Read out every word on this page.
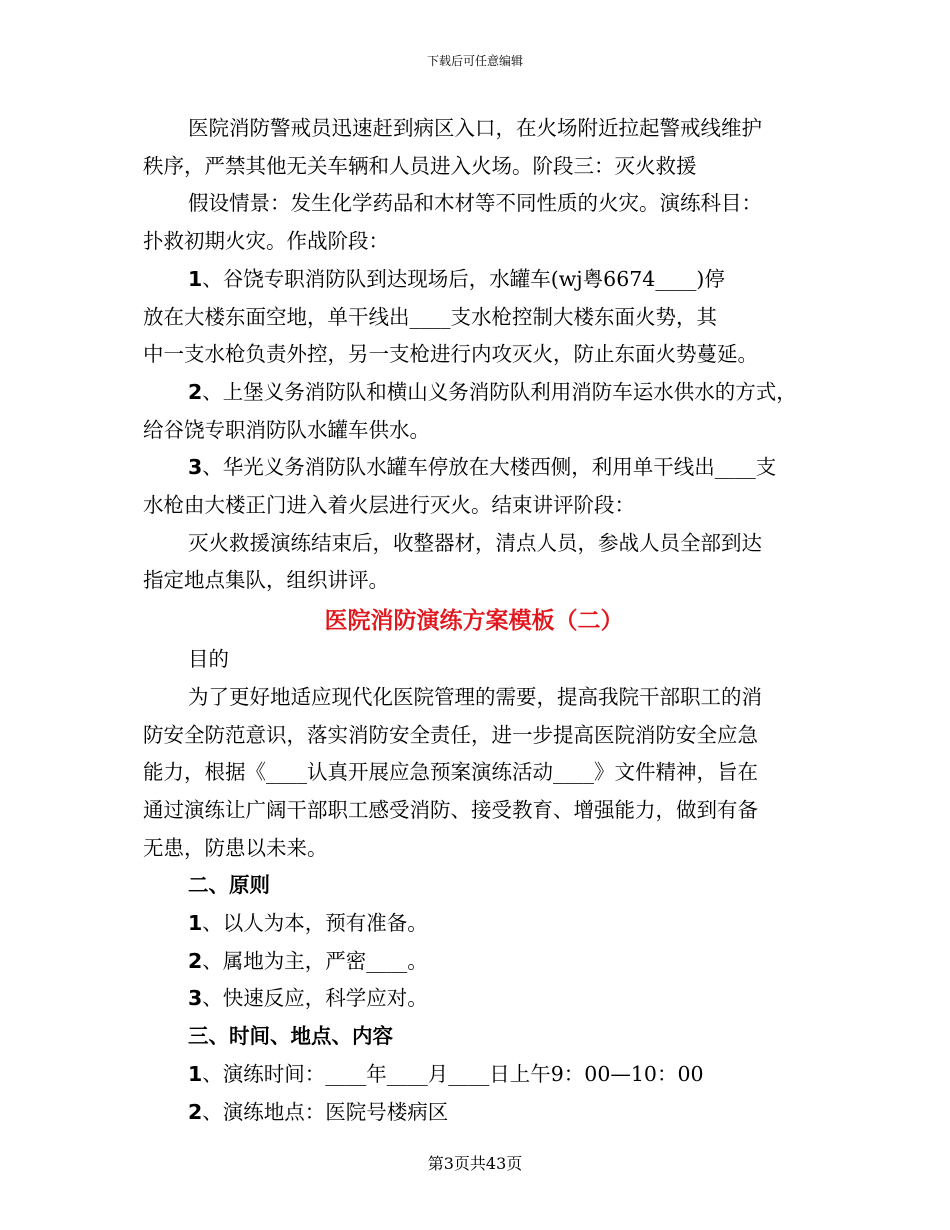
下载后可任意编辑
医院消防警戒员迅速赶到病区入口，在火场附近拉起警戒线维护
秩序，严禁其他无关车辆和人员进入火场。阶段三：灭火救援
假设情景：发生化学药品和木材等不同性质的火灾。演练科目：
扑救初期火灾。作战阶段：
1、谷饶专职消防队到达现场后，水罐车(wj粤6674____)停
放在大楼东面空地，单干线出____支水枪控制大楼东面火势，其
中一支水枪负责外控，另一支枪进行内攻灭火，防止东面火势蔓延。
2、上堡义务消防队和横山义务消防队利用消防车运水供水的方式，
给谷饶专职消防队水罐车供水。
3、华光义务消防队水罐车停放在大楼西侧，利用单干线出____支
水枪由大楼正门进入着火层进行灭火。结束讲评阶段：
灭火救援演练结束后，收整器材，清点人员，参战人员全部到达
指定地点集队，组织讲评。
医院消防演练方案模板（二）
目的
为了更好地适应现代化医院管理的需要，提高我院干部职工的消
防安全防范意识，落实消防安全责任，进一步提高医院消防安全应急
能力，根据《____认真开展应急预案演练活动____》文件精神，旨在
通过演练让广阔干部职工感受消防、接受教育、增强能力，做到有备
无患，防患以未来。
二、原则
1、以人为本，预有准备。
2、属地为主，严密____。
3、快速反应，科学应对。
三、时间、地点、内容
1、演练时间：____年____月____日上午9：00—10：00
2、演练地点：医院号楼病区
第3页共43页
